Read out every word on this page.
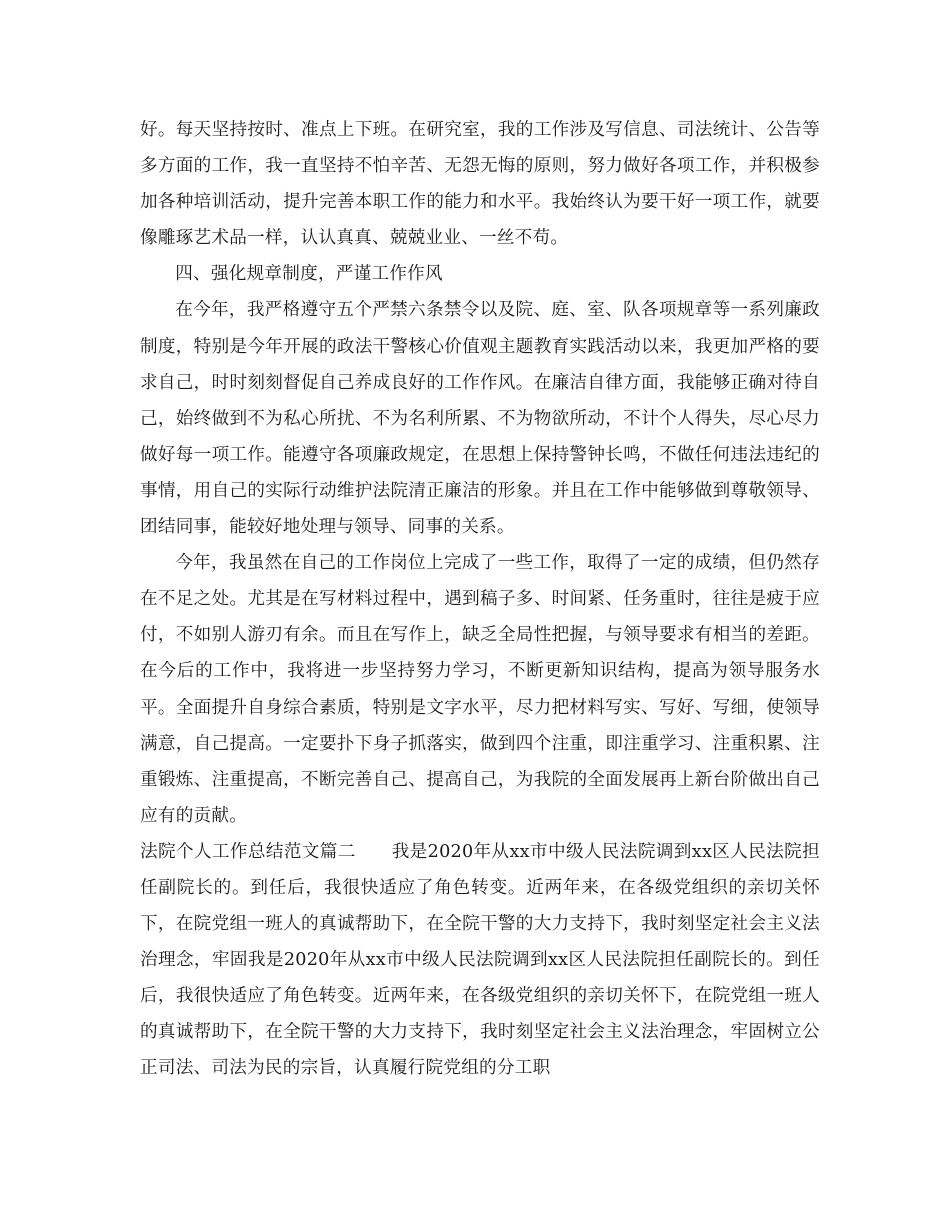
好。每天坚持按时、准点上下班。在研究室，我的工作涉及写信息、司法统计、公告等多方面的工作，我一直坚持不怕辛苦、无怨无悔的原则，努力做好各项工作，并积极参加各种培训活动，提升完善本职工作的能力和水平。我始终认为要干好一项工作，就要像雕琢艺术品一样，认认真真、兢兢业业、一丝不苟。

四、强化规章制度，严谨工作作风

在今年，我严格遵守五个严禁六条禁令以及院、庭、室、队各项规章等一系列廉政制度，特别是今年开展的政法干警核心价值观主题教育实践活动以来，我更加严格的要求自己，时时刻刻督促自己养成良好的工作作风。在廉洁自律方面，我能够正确对待自己，始终做到不为私心所扰、不为名利所累、不为物欲所动，不计个人得失，尽心尽力做好每一项工作。能遵守各项廉政规定，在思想上保持警钟长鸣，不做任何违法违纪的事情，用自己的实际行动维护法院清正廉洁的形象。并且在工作中能够做到尊敬领导、团结同事，能较好地处理与领导、同事的关系。

今年，我虽然在自己的工作岗位上完成了一些工作，取得了一定的成绩，但仍然存在不足之处。尤其是在写材料过程中，遇到稿子多、时间紧、任务重时，往往是疲于应付，不如别人游刃有余。而且在写作上，缺乏全局性把握，与领导要求有相当的差距。在今后的工作中，我将进一步坚持努力学习，不断更新知识结构，提高为领导服务水平。全面提升自身综合素质，特别是文字水平，尽力把材料写实、写好、写细，使领导满意，自己提高。一定要扑下身子抓落实，做到四个注重，即注重学习、注重积累、注重锻炼、注重提高，不断完善自己、提高自己，为我院的全面发展再上新台阶做出自己应有的贡献。

法院个人工作总结范文篇二　　我是2020年从xx市中级人民法院调到xx区人民法院担任副院长的。到任后，我很快适应了角色转变。近两年来，在各级党组织的亲切关怀下，在院党组一班人的真诚帮助下，在全院干警的大力支持下，我时刻坚定社会主义法治理念，牢固我是2020年从xx市中级人民法院调到xx区人民法院担任副院长的。到任后，我很快适应了角色转变。近两年来，在各级党组织的亲切关怀下，在院党组一班人的真诚帮助下，在全院干警的大力支持下，我时刻坚定社会主义法治理念，牢固树立公正司法、司法为民的宗旨，认真履行院党组的分工职
